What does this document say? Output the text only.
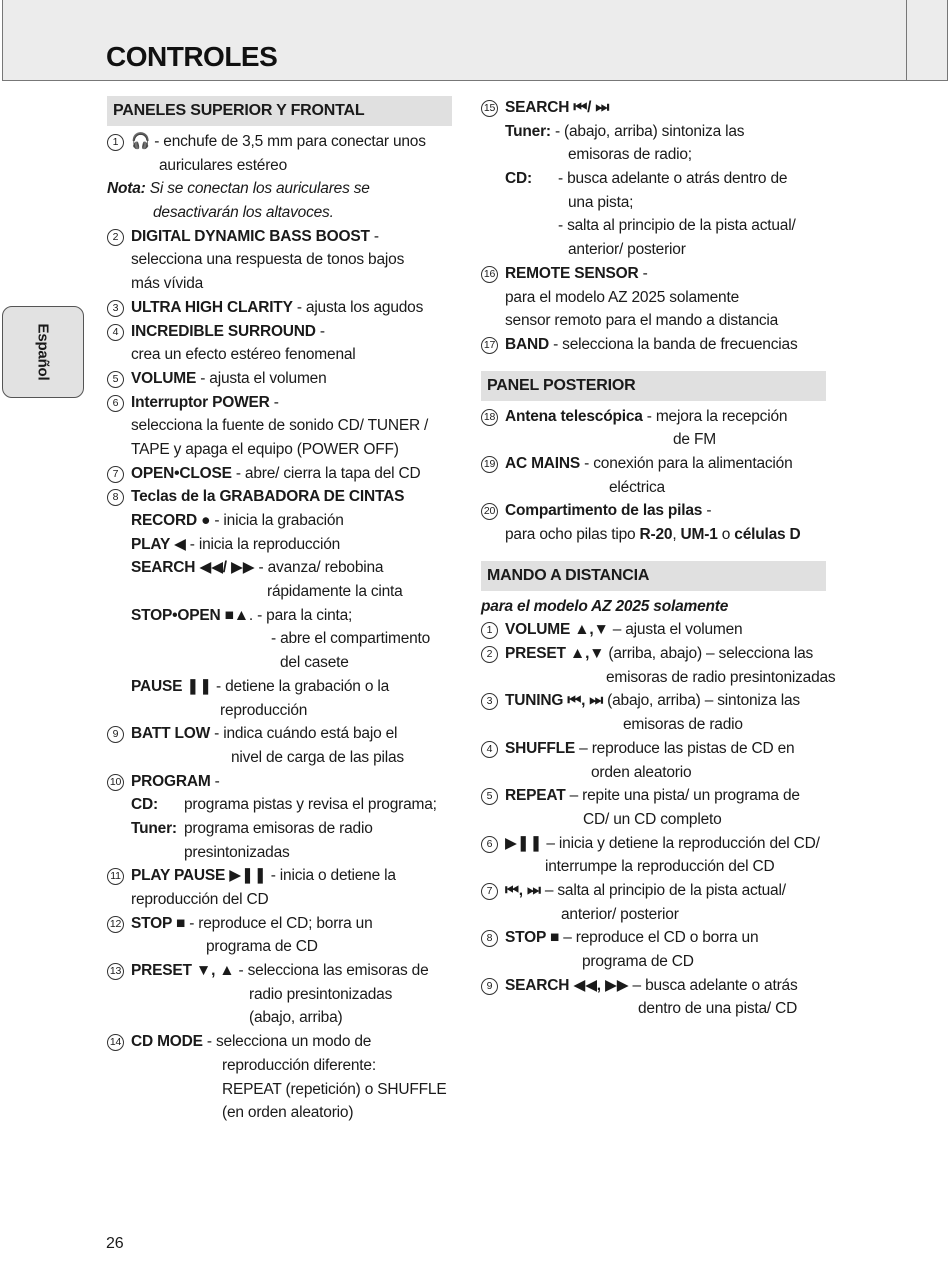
CONTROLES
Español
PANELES SUPERIOR Y FRONTAL
1 🎧 - enchufe de 3,5 mm para conectar unos
auriculares estéreo
Nota: Si se conectan los auriculares se
desactivarán los altavoces.
2 DIGITAL DYNAMIC BASS BOOST -
selecciona una respuesta de tonos bajos
más vívida
3 ULTRA HIGH CLARITY - ajusta los agudos
4 INCREDIBLE SURROUND -
crea un efecto estéreo fenomenal
5 VOLUME - ajusta el volumen
6 Interruptor POWER -
selecciona la fuente de sonido CD/ TUNER /
TAPE y apaga el equipo (POWER OFF)
7 OPEN•CLOSE - abre/ cierra la tapa del CD
8 Teclas de la GRABADORA DE CINTAS
RECORD ● - inicia la grabación
PLAY ◀ - inicia la reproducción
SEARCH ◀◀/ ▶▶ - avanza/ rebobina
rápidamente la cinta
STOP•OPEN ■▲. - para la cinta;
- abre el compartimento
del casete
PAUSE ❚❚ - detiene la grabación o la
reproducción
9 BATT LOW - indica cuándo está bajo el
nivel de carga de las pilas
10 PROGRAM -
CD: programa pistas y revisa el programa;
Tuner: programa emisoras de radio
presintonizadas
11 PLAY PAUSE ▶❚❚ - inicia o detiene la
reproducción del CD
12 STOP ■ - reproduce el CD; borra un
programa de CD
13 PRESET ▼, ▲ - selecciona las emisoras de
radio presintonizadas
(abajo, arriba)
14 CD MODE - selecciona un modo de
reproducción diferente:
REPEAT (repetición) o SHUFFLE
(en orden aleatorio)
15 SEARCH ⏮/ ⏭
Tuner: - (abajo, arriba) sintoniza las
emisoras de radio;
CD: - busca adelante o atrás dentro de
una pista;
- salta al principio de la pista actual/
anterior/ posterior
16 REMOTE SENSOR -
para el modelo AZ 2025 solamente
sensor remoto para el mando a distancia
17 BAND - selecciona la banda de frecuencias
PANEL POSTERIOR
18 Antena telescópica - mejora la recepción
de FM
19 AC MAINS - conexión para la alimentación
eléctrica
20 Compartimento de las pilas -
para ocho pilas tipo R-20, UM-1 o células D
MANDO A DISTANCIA
para el modelo AZ 2025 solamente
1 VOLUME ▲,▼ – ajusta el volumen
2 PRESET ▲,▼ (arriba, abajo) – selecciona las
emisoras de radio presintonizadas
3 TUNING ⏮, ⏭ (abajo, arriba) – sintoniza las
emisoras de radio
4 SHUFFLE – reproduce las pistas de CD en
orden aleatorio
5 REPEAT – repite una pista/ un programa de
CD/ un CD completo
6 ▶❚❚ – inicia y detiene la reproducción del CD/
interrumpe la reproducción del CD
7 ⏮, ⏭ – salta al principio de la pista actual/
anterior/ posterior
8 STOP ■ – reproduce el CD o borra un
programa de CD
9 SEARCH ◀◀, ▶▶ – busca adelante o atrás
dentro de una pista/ CD
26
